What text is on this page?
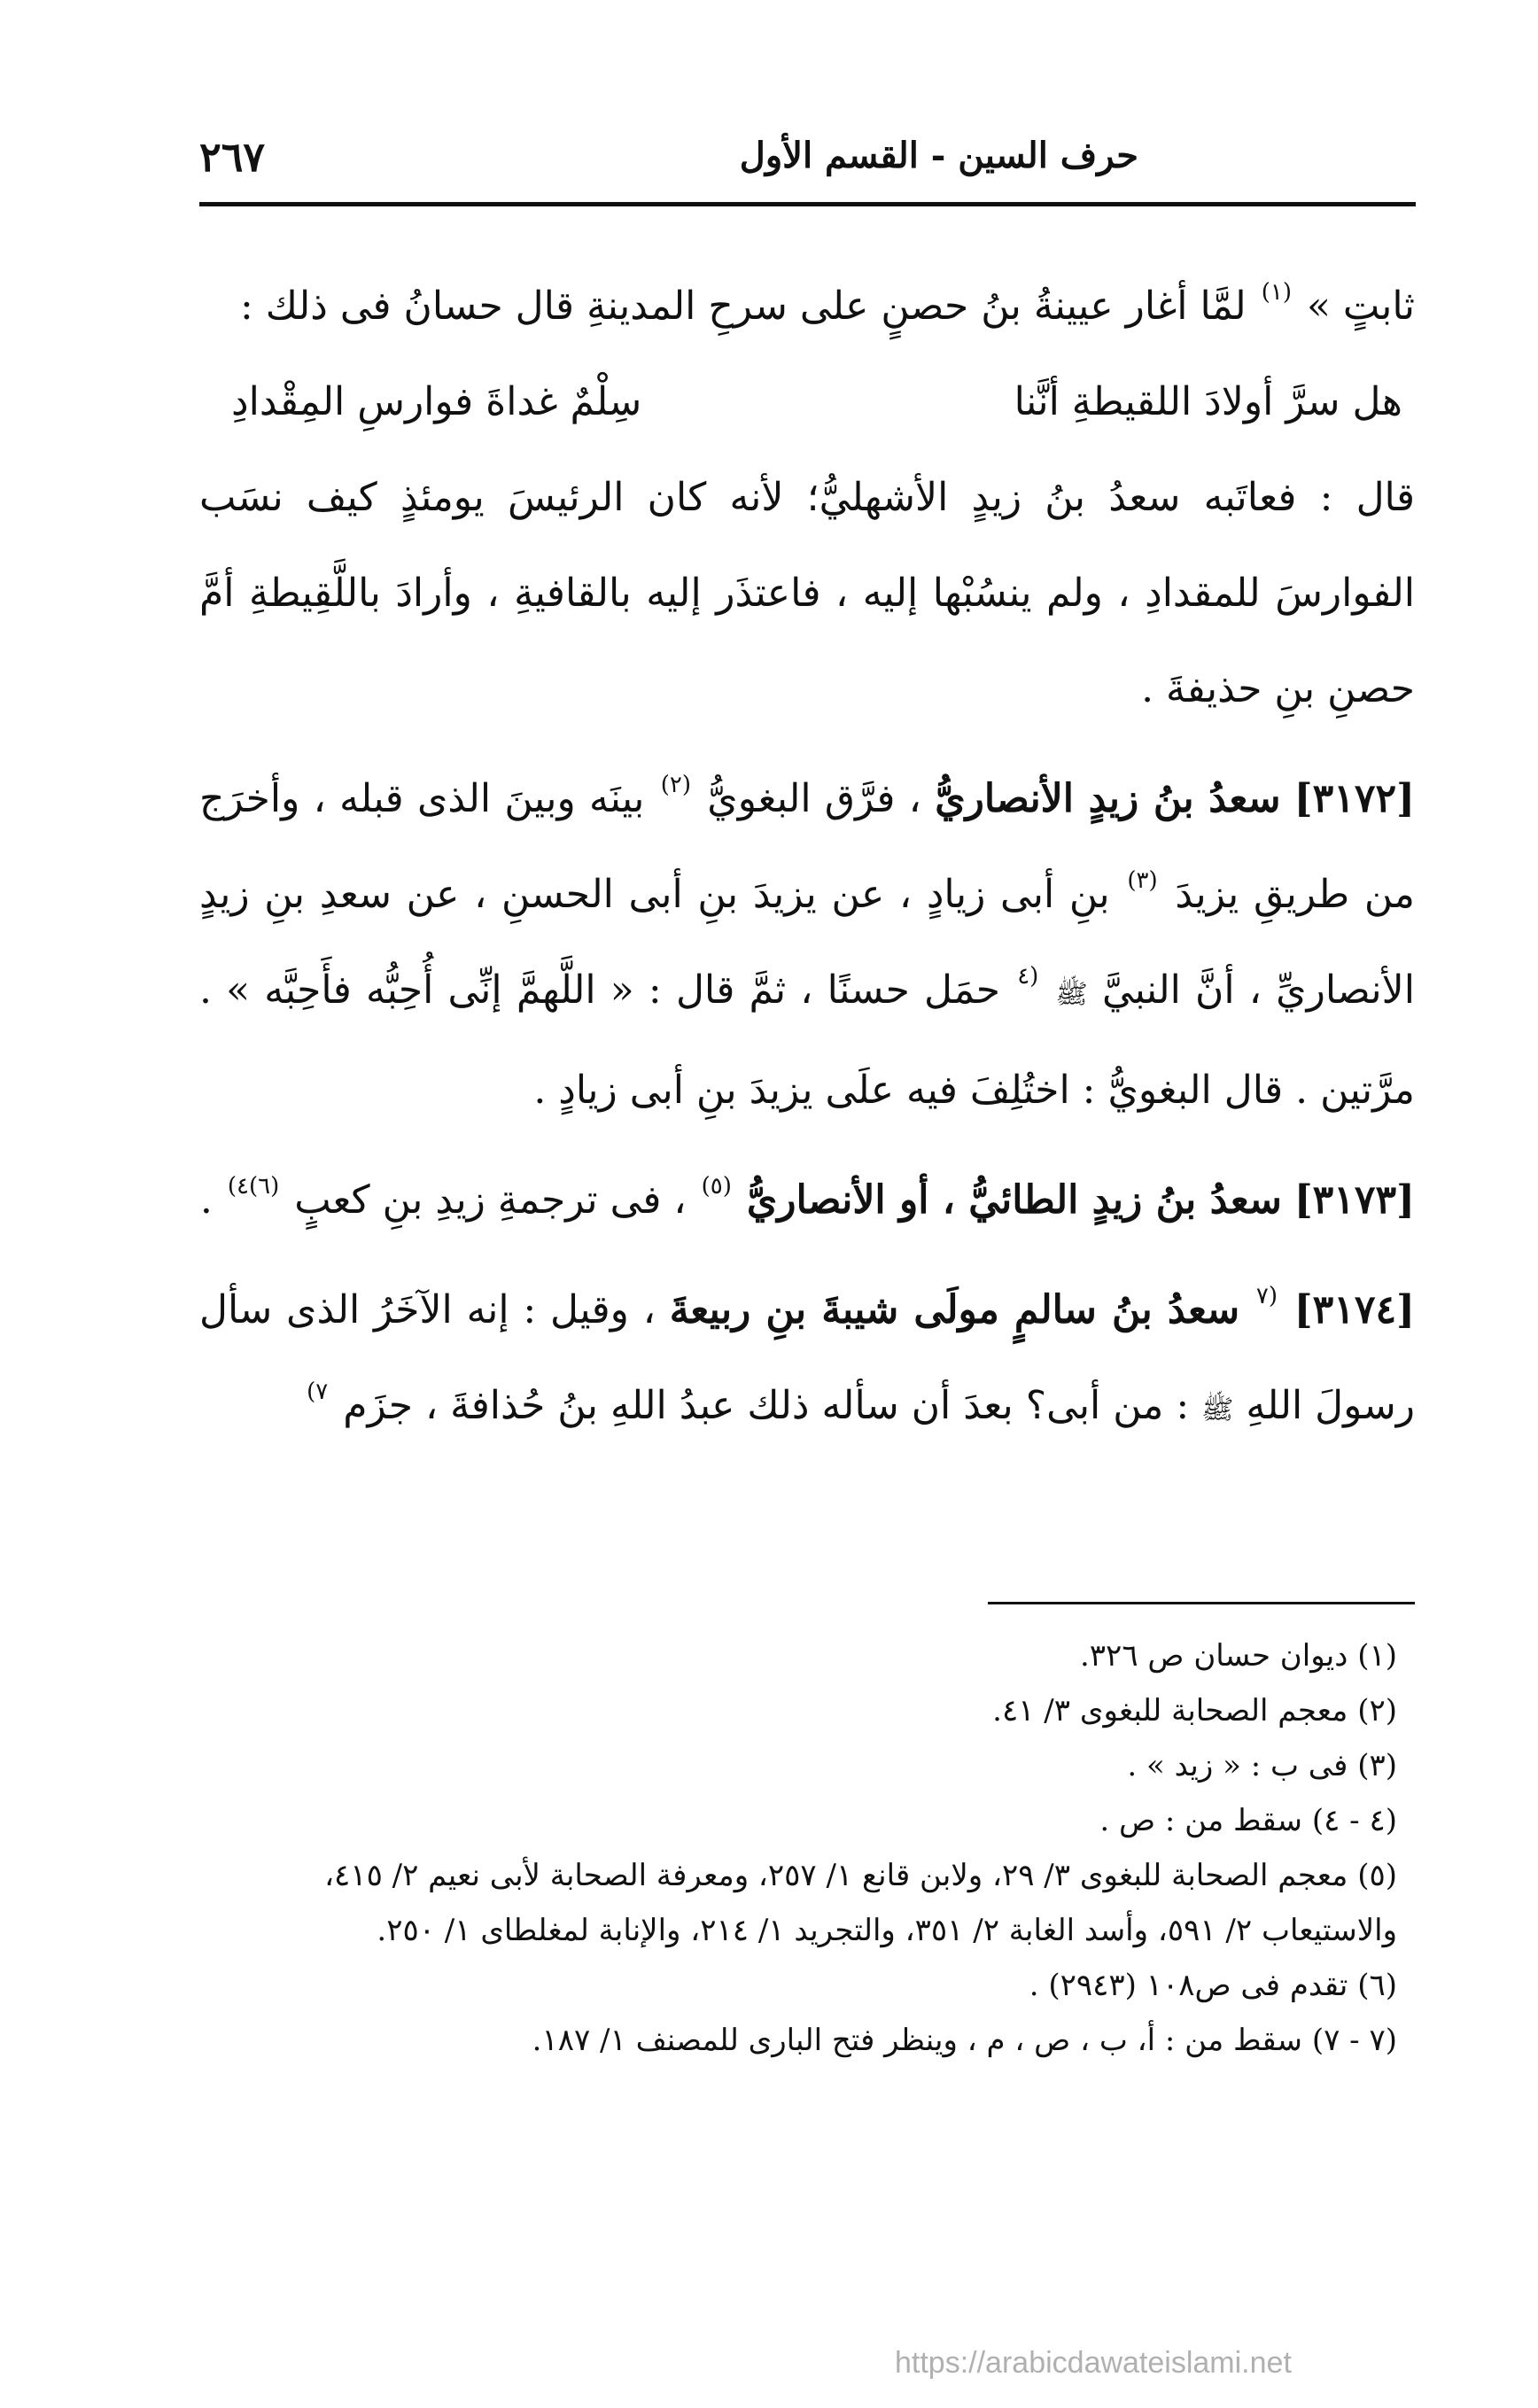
حرف السين - القسم الأول
٢٦٧

ثابتٍ » $^{(١)}$ لمَّا أغار عيينةُ بنُ حصنٍ على سرحِ المدينةِ قال حسانُ فى ذلك :

هل سرَّ أولادَ اللقيطةِ أنَّنا
سِلْمٌ غداةَ فوارسِ المِقْدادِ

قال : فعاتَبه سعدُ بنُ زيدٍ الأشهليُّ؛ لأنه كان الرئيسَ يومئذٍ كيف نسَب الفوارسَ للمقدادِ ، ولم ينسُبْها إليه ، فاعتذَر إليه بالقافيةِ ، وأرادَ باللَّقِيطةِ أمَّ حصنِ بنِ حذيفةَ .

[٣١٧٢] سعدُ بنُ زيدٍ الأنصاريُّ ، فرَّق البغويُّ $^{(٢)}$ بينَه وبينَ الذى قبله ، وأخرَج من طريقِ يزيدَ $^{(٣)}$ بنِ أبى زيادٍ ، عن يزيدَ بنِ أبى الحسنِ ، عن سعدِ بنِ زيدٍ الأنصاريِّ ، أنَّ النبيَّ ﷺ $^{(٤}$ حمَل حسنًا ، ثمَّ قال : « اللَّهمَّ إنِّى أُحِبُّه فأَحِبَّه » . مرَّتين . قال البغويُّ : اختُلِفَ فيه علَى يزيدَ بنِ أبى زيادٍ .

[٣١٧٣] سعدُ بنُ زيدٍ الطائيُّ ، أو الأنصاريُّ $^{(٥)}$ ، فى ترجمةِ زيدِ بنِ كعبٍ $^{(٦)٤)}$ .

[٣١٧٤] $^{(٧}$ سعدُ بنُ سالمٍ مولَى شيبةَ بنِ ربيعةَ ، وقيل : إنه الآخَرُ الذى سأل رسولَ اللهِ ﷺ : من أبى؟ بعدَ أن سأله ذلك عبدُ اللهِ بنُ حُذافةَ ، جزَم $^{٧)}$

(١) ديوان حسان ص ٣٢٦.

(٢) معجم الصحابة للبغوى ٣/ ٤١.

(٣) فى ب : « زيد » .

(٤ - ٤) سقط من : ص .

(٥) معجم الصحابة للبغوى ٣/ ٢٩، ولابن قانع ١/ ٢٥٧، ومعرفة الصحابة لأبى نعيم ٢/ ٤١٥، والاستيعاب ٢/ ٥٩١، وأسد الغابة ٢/ ٣٥١، والتجريد ١/ ٢١٤، والإنابة لمغلطاى ١/ ٢٥٠.

(٦) تقدم فى ص١٠٨ (٢٩٤٣) .

(٧ - ٧) سقط من : أ، ب ، ص ، م ، وينظر فتح البارى للمصنف ١/ ١٨٧.

https://arabicdawateislami.net
